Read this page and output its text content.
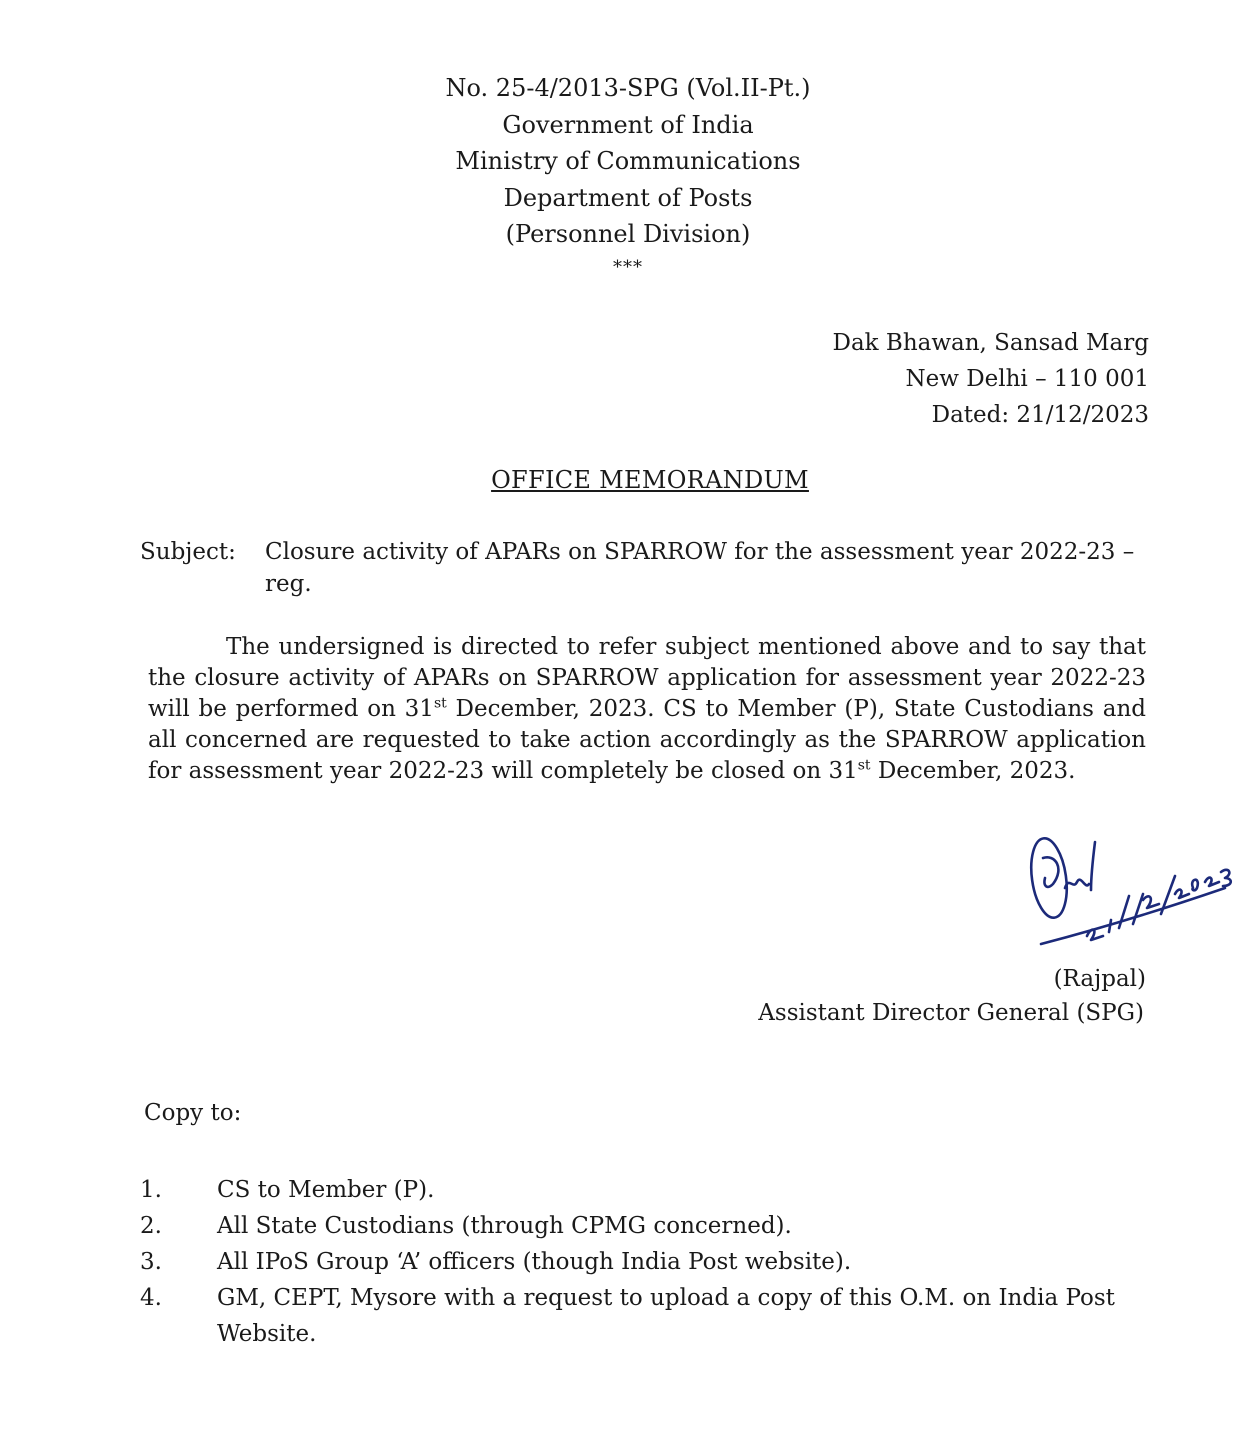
No. 25-4/2013-SPG (Vol.II-Pt.)
Government of India
Ministry of Communications
Department of Posts
(Personnel Division)
***
Dak Bhawan, Sansad Marg
New Delhi – 110 001
Dated: 21/12/2023
OFFICE MEMORANDUM
Subject: Closure activity of APARs on SPARROW for the assessment year 2022-23 – reg.
The undersigned is directed to refer subject mentioned above and to say that the closure activity of APARs on SPARROW application for assessment year 2022-23 will be performed on 31st December, 2023. CS to Member (P), State Custodians and all concerned are requested to take action accordingly as the SPARROW application for assessment year 2022-23 will completely be closed on 31st December, 2023.
(Rajpal)
Assistant Director General (SPG)
Copy to:
1. CS to Member (P).
2. All State Custodians (through CPMG concerned).
3. All IPoS Group ‘A’ officers (though India Post website).
4. GM, CEPT, Mysore with a request to upload a copy of this O.M. on India Post Website.
